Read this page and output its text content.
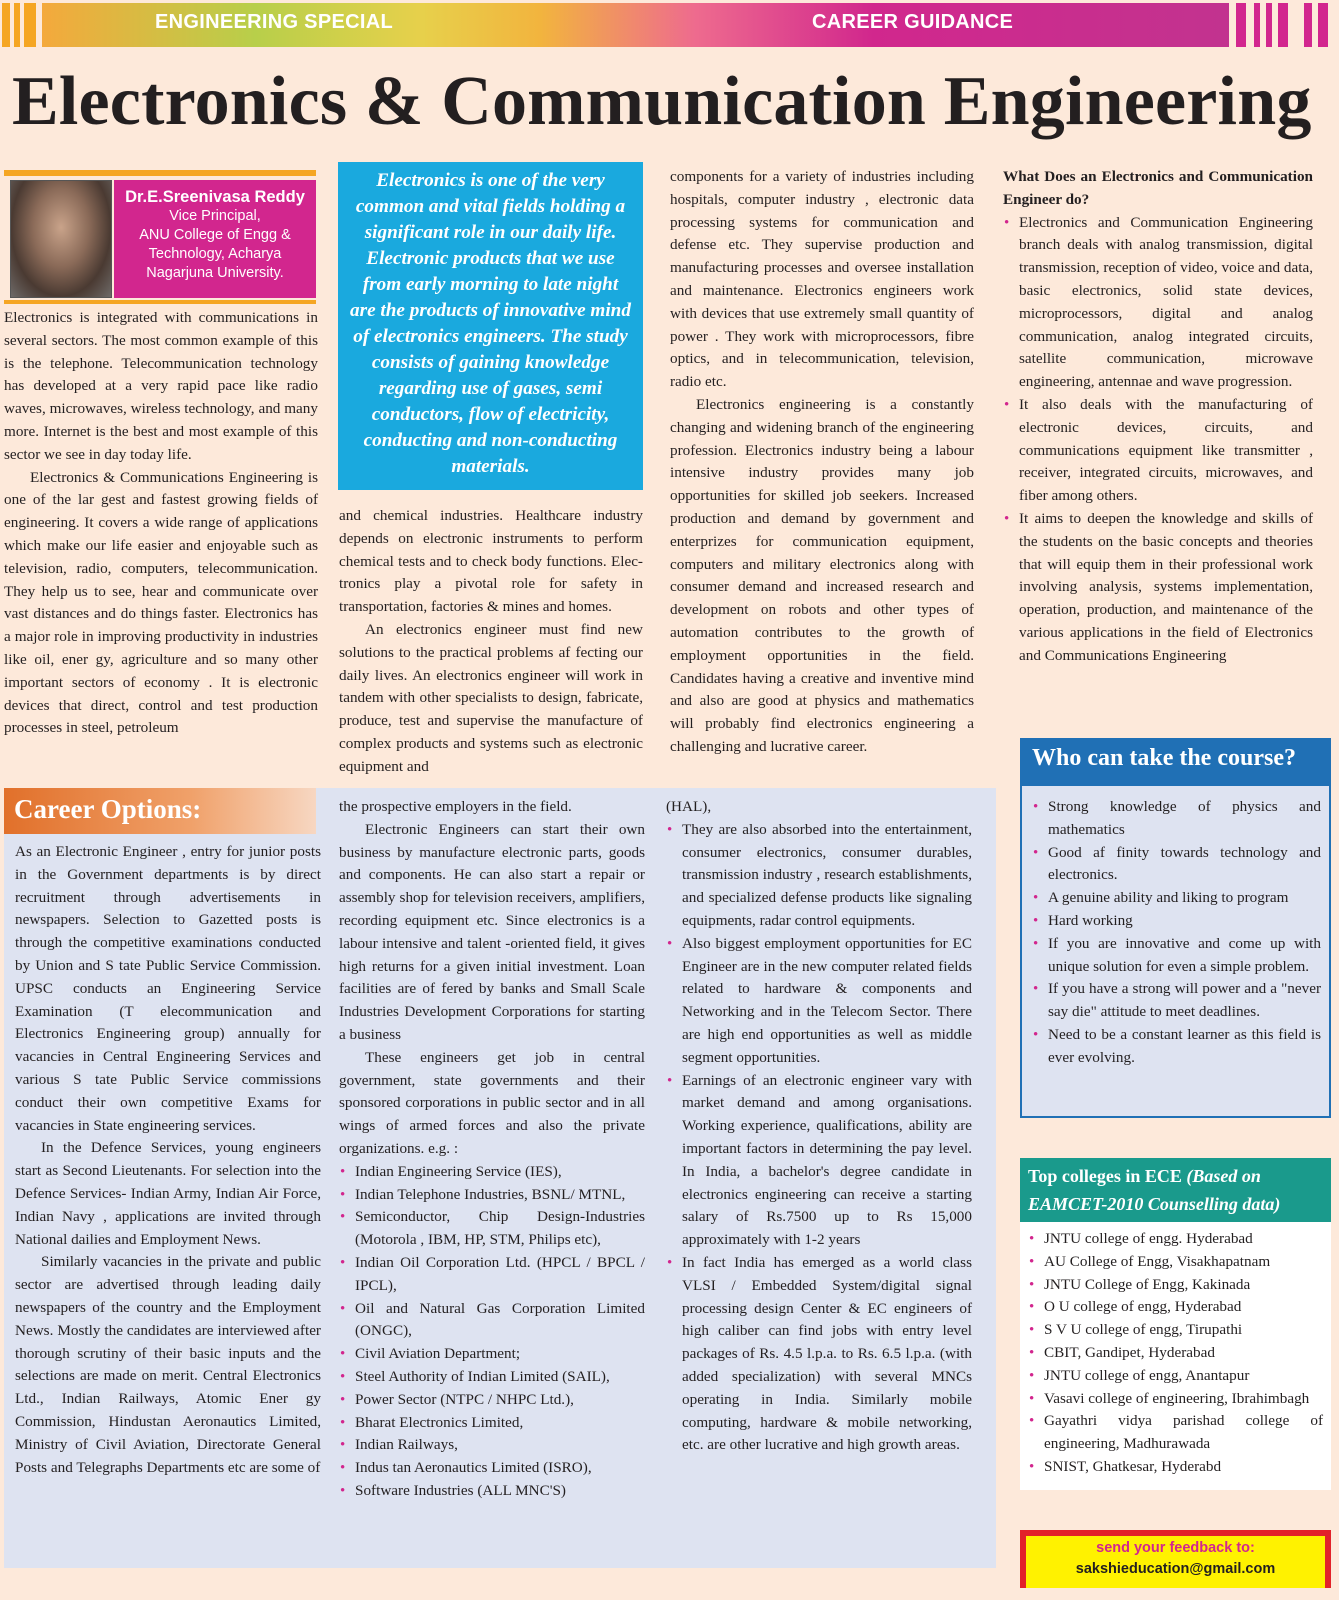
ENGINEERING SPECIAL	CAREER GUIDANCE
Electronics & Communication Engineering
Dr.E.Sreenivasa Reddy
Vice Principal,
ANU College of Engg &
Technology, Acharya
Nagarjuna University.

Electronics is integrated with communications in several sectors. The most common example of this is the telephone. Telecommunication technology has developed at a very rapid pace like radio waves, microwaves, wireless technology, and many more. Internet is the best and most example of this sector we see in day today life.

Electronics & Communications Engineering is one of the lar gest and fastest growing fields of engineering. It covers a wide range of applications which make our life easier and enjoyable such as television, radio, computers, telecommunication. They help us to see, hear and communicate over vast distances and do things faster. Electronics has a major role in improving productivity in industries like oil, ener gy, agriculture and so many other important sectors of economy . It is electronic devices that direct, control and test production processes in steel, petroleum

Electronics is one of the very common and vital fields holding a significant role in our daily life. Electronic products that we use from early morning to late night are the products of innovative mind of electronics engineers. The study consists of gaining knowledge regarding use of gases, semi conductors, flow of electricity, conducting and non-conducting materials.

and chemical industries. Healthcare industry depends on electronic instruments to perform chemical tests and to check body functions. Elec-tronics play a pivotal role for safety in transportation, factories & mines and homes.

An electronics engineer must find new solutions to the practical problems af fecting our daily lives. An electronics engineer will work in tandem with other specialists to design, fabricate, produce, test and supervise the manufacture of complex products and systems such as electronic equipment and

components for a variety of industries including hospitals, computer industry , electronic data processing systems for communication and defense etc. They supervise production and manufacturing processes and oversee installation and maintenance. Electronics engineers work with devices that use extremely small quantity of power . They work with microprocessors, fibre optics, and in telecommunication, television, radio etc.

Electronics engineering is a constantly changing and widening branch of the engineering profession. Electronics industry being a labour intensive industry provides many job opportunities for skilled job seekers. Increased production and demand by government and enterprizes for communication equipment, computers and military electronics along with consumer demand and increased research and development on robots and other types of automation contributes to the growth of employment opportunities in the field. Candidates having a creative and inventive mind and also are good at physics and mathematics will probably find electronics engineering a challenging and lucrative career.

What Does an Electronics and Communication Engineer do?
• Electronics and Communication Engineering branch deals with analog transmission, digital transmission, reception of video, voice and data, basic electronics, solid state devices, microprocessors, digital and analog communication, analog integrated circuits, satellite communication, microwave engineering, antennae and wave progression.
• It also deals with the manufacturing of electronic devices, circuits, and communications equipment like transmitter , receiver, integrated circuits, microwaves, and fiber among others.
• It aims to deepen the knowledge and skills of the students on the basic concepts and theories that will equip them in their professional work involving analysis, systems implementation, operation, production, and maintenance of the various applications in the field of Electronics and Communications Engineering
Career Options:

As an Electronic Engineer , entry for junior posts in the Government departments is by direct recruitment through advertisements in newspapers. Selection to Gazetted posts is through the competitive examinations conducted by Union and S tate Public Service Commission. UPSC conducts an Engineering Service Examination (T elecommunication and Electronics Engineering group) annually for vacancies in Central Engineering Services and various S tate Public Service commissions conduct their own competitive Exams for vacancies in State engineering services.

In the Defence Services, young engineers start as Second Lieutenants. For selection into the Defence Services- Indian Army, Indian Air Force, Indian Navy , applications are invited through National dailies and Employment News.

Similarly vacancies in the private and public sector are advertised through leading daily newspapers of the country and the Employment News. Mostly the candidates are interviewed after thorough scrutiny of their basic inputs and the selections are made on merit. Central Electronics Ltd., Indian Railways, Atomic Ener gy Commission, Hindustan Aeronautics Limited, Ministry of Civil Aviation, Directorate General Posts and Telegraphs Departments etc are some of

the prospective employers in the field.

Electronic Engineers can start their own business by manufacture electronic parts, goods and components. He can also start a repair or assembly shop for television receivers, amplifiers, recording equipment etc. Since electronics is a labour intensive and talent -oriented field, it gives high returns for a given initial investment. Loan facilities are of fered by banks and Small Scale Industries Development Corporations for starting a business

These engineers get job in central government, state governments and their sponsored corporations in public sector and in all wings of armed forces and also the private organizations. e.g. :

• Indian Engineering Service (IES),
• Indian Telephone Industries, BSNL/ MTNL,
• Semiconductor, Chip Design-Industries (Motorola , IBM, HP, STM, Philips etc),
• Indian Oil Corporation Ltd. (HPCL / BPCL / IPCL),
• Oil and Natural Gas Corporation Limited (ONGC),
• Civil Aviation Department;
• Steel Authority of Indian Limited (SAIL),
• Power Sector (NTPC / NHPC Ltd.),
• Bharat Electronics Limited,
• Indian Railways,
• Indus tan Aeronautics Limited (ISRO),
• Software Industries (ALL MNC'S)

(HAL),

• They are also absorbed into the entertainment, consumer electronics, consumer durables, transmission industry , research establishments, and specialized defense products like signaling equipments, radar control equipments.
• Also biggest employment opportunities for EC Engineer are in the new computer related fields related to hardware & components and Networking and in the Telecom Sector. There are high end opportunities as well as middle segment opportunities.
• Earnings of an electronic engineer vary with market demand and among organisations. Working experience, qualifications, ability are important factors in determining the pay level. In India, a bachelor's degree candidate in electronics engineering can receive a starting salary of Rs.7500 up to Rs 15,000 approximately with 1-2 years
• In fact India has emerged as a world class VLSI / Embedded System/digital signal processing design Center & EC engineers of high caliber can find jobs with entry level packages of Rs. 4.5 l.p.a. to Rs. 6.5 l.p.a. (with added specialization) with several MNCs operating in India. Similarly mobile computing, hardware & mobile networking, etc. are other lucrative and high growth areas.
Who can take the course?
• Strong knowledge of physics and mathematics
• Good af finity towards technology and electronics.
• A genuine ability and liking to program
• Hard working
• If you are innovative and come up with unique solution for even a simple problem.
• If you have a strong will power and a "never say die" attitude to meet deadlines.
• Need to be a constant learner as this field is ever evolving.
Top colleges in ECE (Based on EAMCET-2010 Counselling data)
• JNTU college of engg. Hyderabad
• AU College of Engg, Visakhapatnam
• JNTU College of Engg, Kakinada
• O U college of engg, Hyderabad
• S V U college of engg, Tirupathi
• CBIT, Gandipet, Hyderabad
• JNTU college of engg, Anantapur
• Vasavi college of engineering, Ibrahimbagh
• Gayathri vidya parishad college of engineering, Madhurawada
• SNIST, Ghatkesar, Hyderabd
send your feedback to:
sakshieducation@gmail.com
